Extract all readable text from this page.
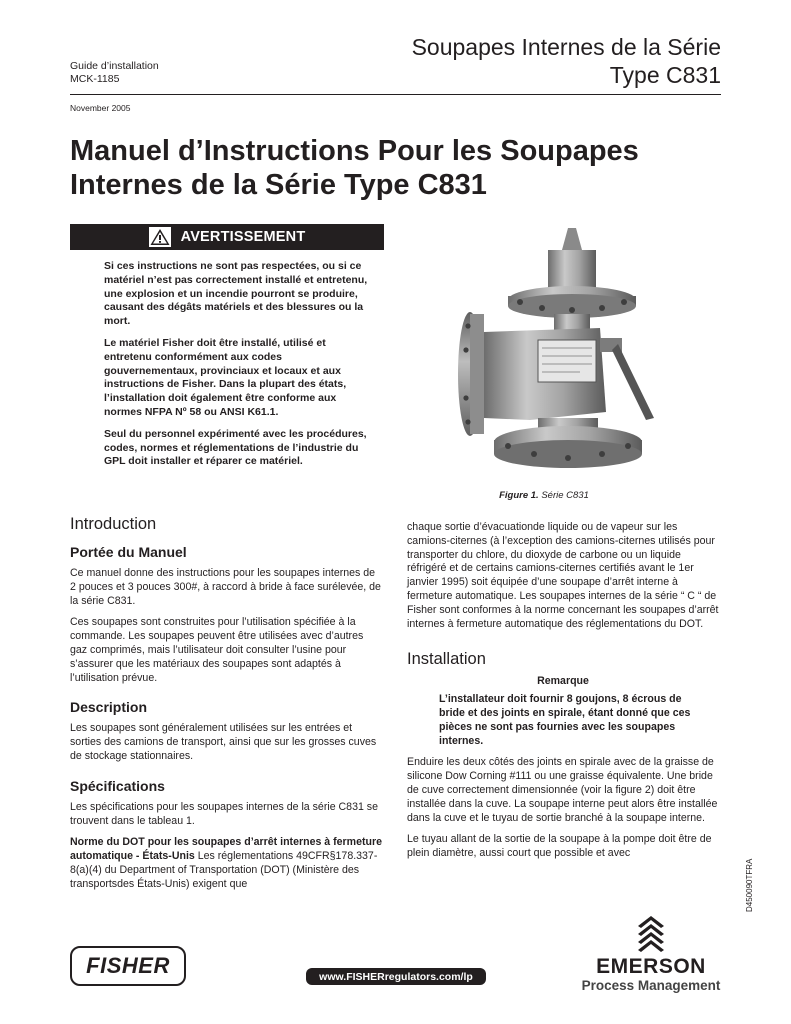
Guide d’installation
MCK-1185
November 2005
Soupapes Internes de la Série
Type C831
Manuel d’Instructions Pour les Soupapes
Internes de la Série Type C831
AVERTISSEMENT

Si ces instructions ne sont pas respectées, ou si ce matériel n’est pas correctement installé et entretenu, une explosion et un incendie pourront se produire, causant des dégâts matériels et des blessures ou la mort.

Le matériel Fisher doit être installé, utilisé et entretenu conformément aux codes gouvernementaux, provinciaux et locaux et aux instructions de Fisher. Dans la plupart des états, l’installation doit également être conforme aux normes NFPA Nº 58 ou ANSI K61.1.

Seul du personnel expérimenté avec les procédures, codes, normes et réglementations de l’industrie du GPL doit installer et réparer ce matériel.

Figure 1. Série C831
Introduction
Portée du Manuel

Ce manuel donne des instructions pour les soupapes internes de 2 pouces et 3 pouces 300#, à raccord à bride à face surélevée, de la série C831.

Ces soupapes sont construites pour l’utilisation spécifiée à la commande. Les soupapes peuvent être utilisées avec d’autres gaz comprimés, mais l’utilisateur doit consulter l’usine pour s’assurer que les matériaux des soupapes sont adaptés à l’utilisation prévue.

Description

Les soupapes sont généralement utilisées sur les entrées et sorties des camions de transport, ainsi que sur les grosses cuves de stockage stationnaires.

Spécifications

Les spécifications pour les soupapes internes de la série C831 se trouvent dans le tableau 1.

Norme du DOT pour les soupapes d’arrêt internes à fermeture automatique - États-Unis Les réglementations 49CFR§178.337-8(a)(4) du Department of Transportation (DOT) (Ministère des transportsdes États-Unis) exigent que

chaque sortie d’évacuationde liquide ou de vapeur sur les camions-citernes (à l’exception des camions-citernes utilisés pour transporter du chlore, du dioxyde de carbone ou un liquide réfrigéré et de certains camions-citernes certifiés avant le 1er janvier 1995) soit équipée d’une soupape d’arrêt interne à fermeture automatique. Les soupapes internes de la série “ C “ de Fisher sont conformes à la norme concernant les soupapes d’arrêt internes à fermeture automatique des réglementations du DOT.

Installation
Remarque
L’installateur doit fournir 8 goujons, 8 écrous de bride et des joints en spirale, étant donné que ces pièces ne sont pas fournies avec les soupapes internes.

Enduire les deux côtés des joints en spirale avec de la graisse de silicone Dow Corning #111 ou une graisse équivalente. Une bride de cuve correctement dimensionnée (voir la figure 2) doit être installée dans la cuve. La soupape interne peut alors être installée dans la cuve et le tuyau de sortie branché à la soupape interne.

Le tuyau allant de la sortie de la soupape à la pompe doit être de plein diamètre, aussi court que possible et avec

D450090TFRA
FISHER	www.FISHERregulators.com/lp	EMERSON
Process Management
